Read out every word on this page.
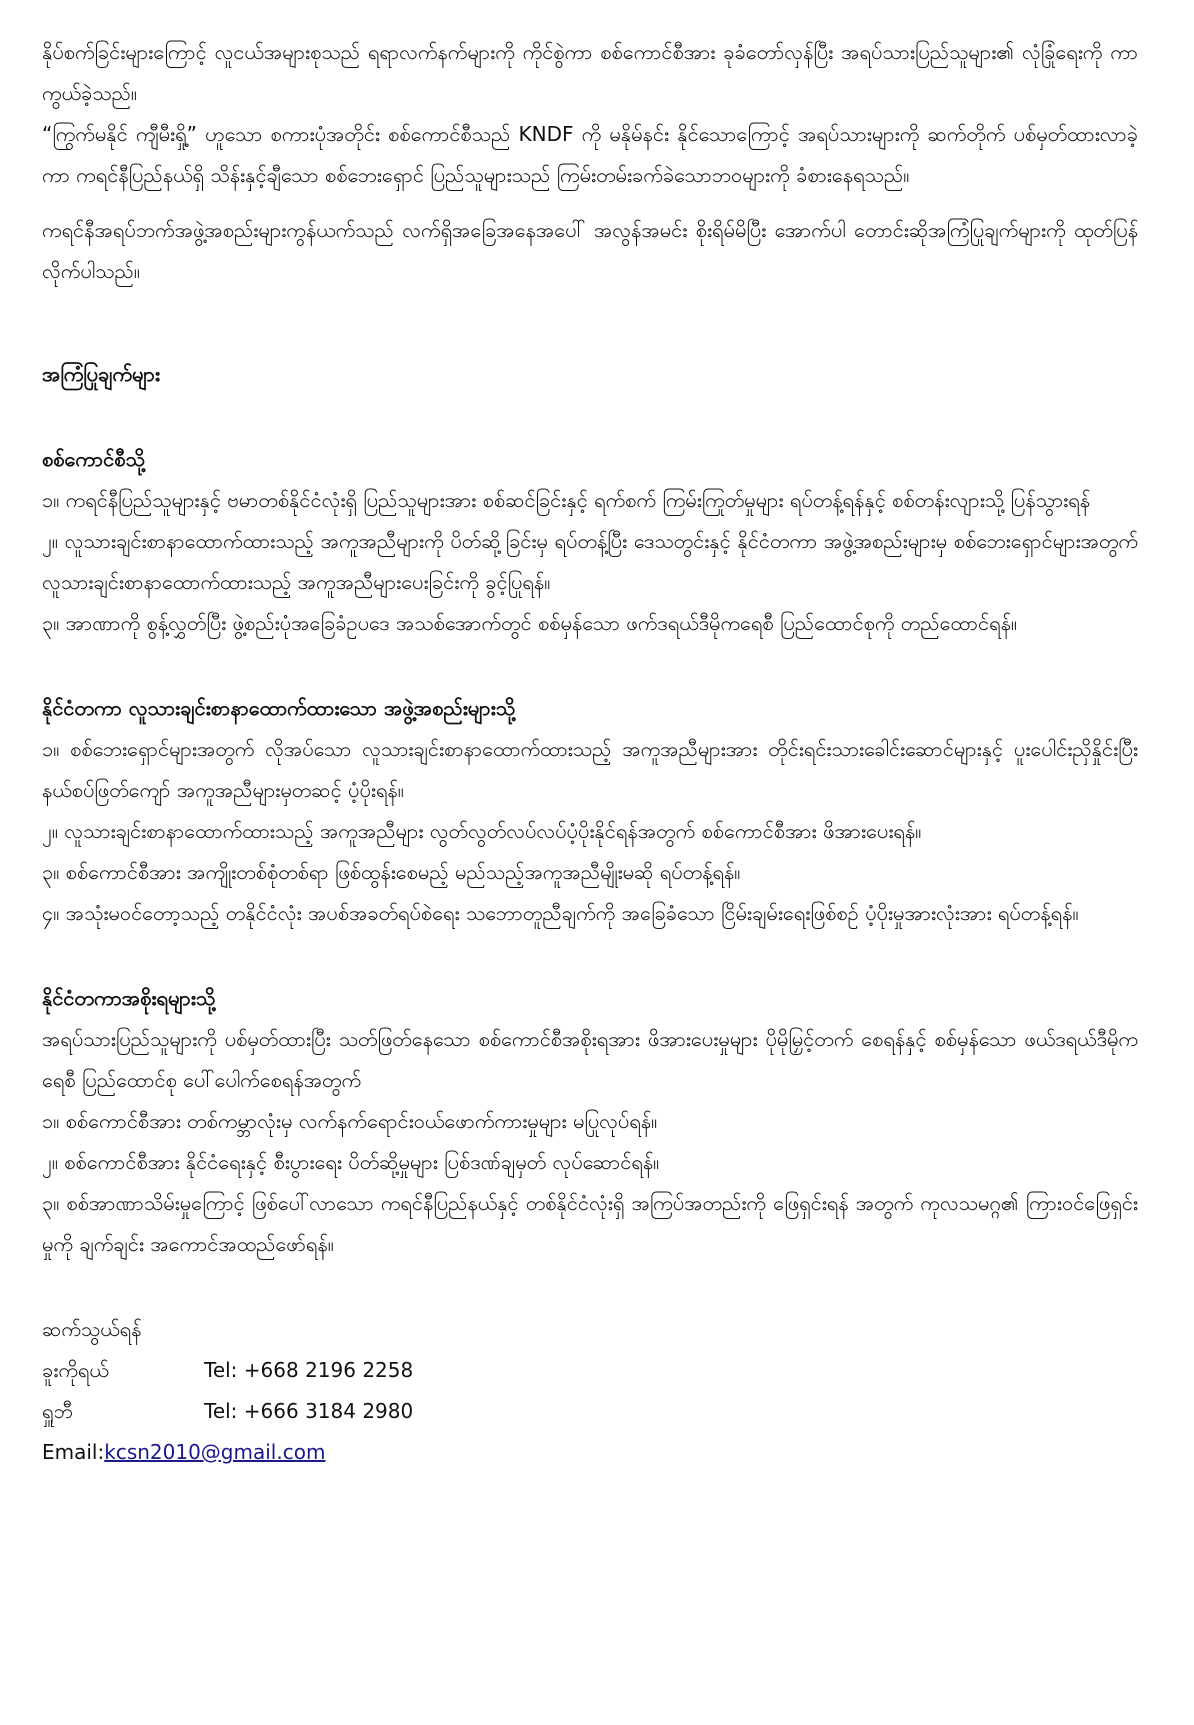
နိုပ်စက်ခြင်းများကြောင့် လူငယ်အများစုသည် ရရာလက်နက်များကို ကိုင်စွဲကာ စစ်ကောင်စီအား ခုခံတော်လှန်ပြီး အရပ်သားပြည်သူများ၏ လုံခြုံရေးကို ကာကွယ်ခဲ့သည်။

“ကြွက်မနိုင် ကျီမီးရှို့” ဟူသော စကားပုံအတိုင်း စစ်ကောင်စီသည် KNDF ကို မနိုမ်နင်း နိုင်သောကြောင့် အရပ်သားများကို ဆက်တိုက် ပစ်မှတ်ထားလာခဲ့ကာ ကရင်နီပြည်နယ်ရှိ သိန်းနှင့်ချီသော စစ်ဘေးရှောင် ပြည်သူများသည် ကြမ်းတမ်းခက်ခဲသောဘဝများကို ခံစားနေရသည်။

ကရင်နီအရပ်ဘက်အဖွဲ့အစည်းများကွန်ယက်သည် လက်ရှိအခြေအနေအပေါ် အလွန်အမင်း စိုးရိမ်မိပြီး အောက်ပါ တောင်းဆိုအကြံပြုချက်များကို ထုတ်ပြန်လိုက်ပါသည်။

အကြံပြုချက်များ

စစ်ကောင်စီသို့

၁။ ကရင်နီပြည်သူများနှင့် ဗမာတစ်နိုင်ငံလုံးရှိ ပြည်သူများအား စစ်ဆင်ခြင်းနှင့် ရက်စက် ကြမ်းကြုတ်မှုများ ရပ်တန့်ရန်နှင့် စစ်တန်းလျားသို့ ပြန်သွားရန်

၂။ လူသားချင်းစာနာထောက်ထားသည့် အကူအညီများကို ပိတ်ဆို့ခြင်းမှ ရပ်တန့်ပြီး ဒေသတွင်းနှင့် နိုင်ငံတကာ အဖွဲ့အစည်းများမှ စစ်ဘေးရှောင်များအတွက် လူသားချင်းစာနာထောက်ထားသည့် အကူအညီများပေးခြင်းကို ခွင့်ပြုရန်။

၃။ အာဏာကို စွန့်လွှတ်ပြီး ဖွဲ့စည်းပုံအခြေခံဥပဒေ အသစ်အောက်တွင် စစ်မှန်သော ဖက်ဒရယ်ဒီမိုကရေစီ ပြည်ထောင်စုကို တည်ထောင်ရန်။

နိုင်ငံတကာ လူသားချင်းစာနာထောက်ထားသော အဖွဲ့အစည်းများသို့

၁။ စစ်ဘေးရှောင်များအတွက် လိုအပ်သော လူသားချင်းစာနာထောက်ထားသည့် အကူအညီများအား တိုင်းရင်းသားခေါင်းဆောင်များနှင့် ပူးပေါင်းညှိနှိုင်းပြီး နယ်စပ်ဖြတ်ကျော် အကူအညီများမှတဆင့် ပံ့ပိုးရန်။

၂။ လူသားချင်းစာနာထောက်ထားသည့် အကူအညီများ လွတ်လွတ်လပ်လပ်ပံ့ပိုးနိုင်ရန်အတွက် စစ်ကောင်စီအား ဖိအားပေးရန်။

၃။ စစ်ကောင်စီအား အကျိုးတစ်စုံတစ်ရာ ဖြစ်ထွန်းစေမည့် မည်သည့်အကူအညီမျိုးမဆို ရပ်တန့်ရန်။

၄။ အသုံးမဝင်တော့သည့် တနိုင်ငံလုံး အပစ်အခတ်ရပ်စဲရေး သဘောတူညီချက်ကို အခြေခံသော ငြိမ်းချမ်းရေးဖြစ်စဉ် ပံ့ပိုးမှုအားလုံးအား ရပ်တန့်ရန်။

နိုင်ငံတကာအစိုးရများသို့

အရပ်သားပြည်သူများကို ပစ်မှတ်ထားပြီး သတ်ဖြတ်နေသော စစ်ကောင်စီအစိုးရအား ဖိအားပေးမှုများ ပိုမိုမြှင့်တက် စေရန်နှင့် စစ်မှန်သော ဖယ်ဒရယ်ဒီမိုကရေစီ ပြည်ထောင်စု ပေါ်ပေါက်စေရန်အတွက်

၁။ စစ်ကောင်စီအား တစ်ကမ္ဘာလုံးမှ လက်နက်ရောင်းဝယ်ဖောက်ကားမှုများ မပြုလုပ်ရန်။

၂။ စစ်ကောင်စီအား နိုင်ငံရေးနှင့် စီးပွားရေး ပိတ်ဆို့မှုများ ပြစ်ဒဏ်ချမှတ် လုပ်ဆောင်ရန်။

၃။ စစ်အာဏာသိမ်းမှုကြောင့် ဖြစ်ပေါ်လာသော ကရင်နီပြည်နယ်နှင့် တစ်နိုင်ငံလုံးရှိ အကြပ်အတည်းကို ဖြေရှင်းရန် အတွက် ကုလသမဂ္ဂ၏ ကြားဝင်ဖြေရှင်းမှုကို ချက်ချင်း အကောင်အထည်ဖော်ရန်။

ဆက်သွယ်ရန်

ခူးကိုရယ်	Tel: +668 2196 2258
ရှူဘီ	Tel: +666 3184 2980
Email: kcsn2010@gmail.com
